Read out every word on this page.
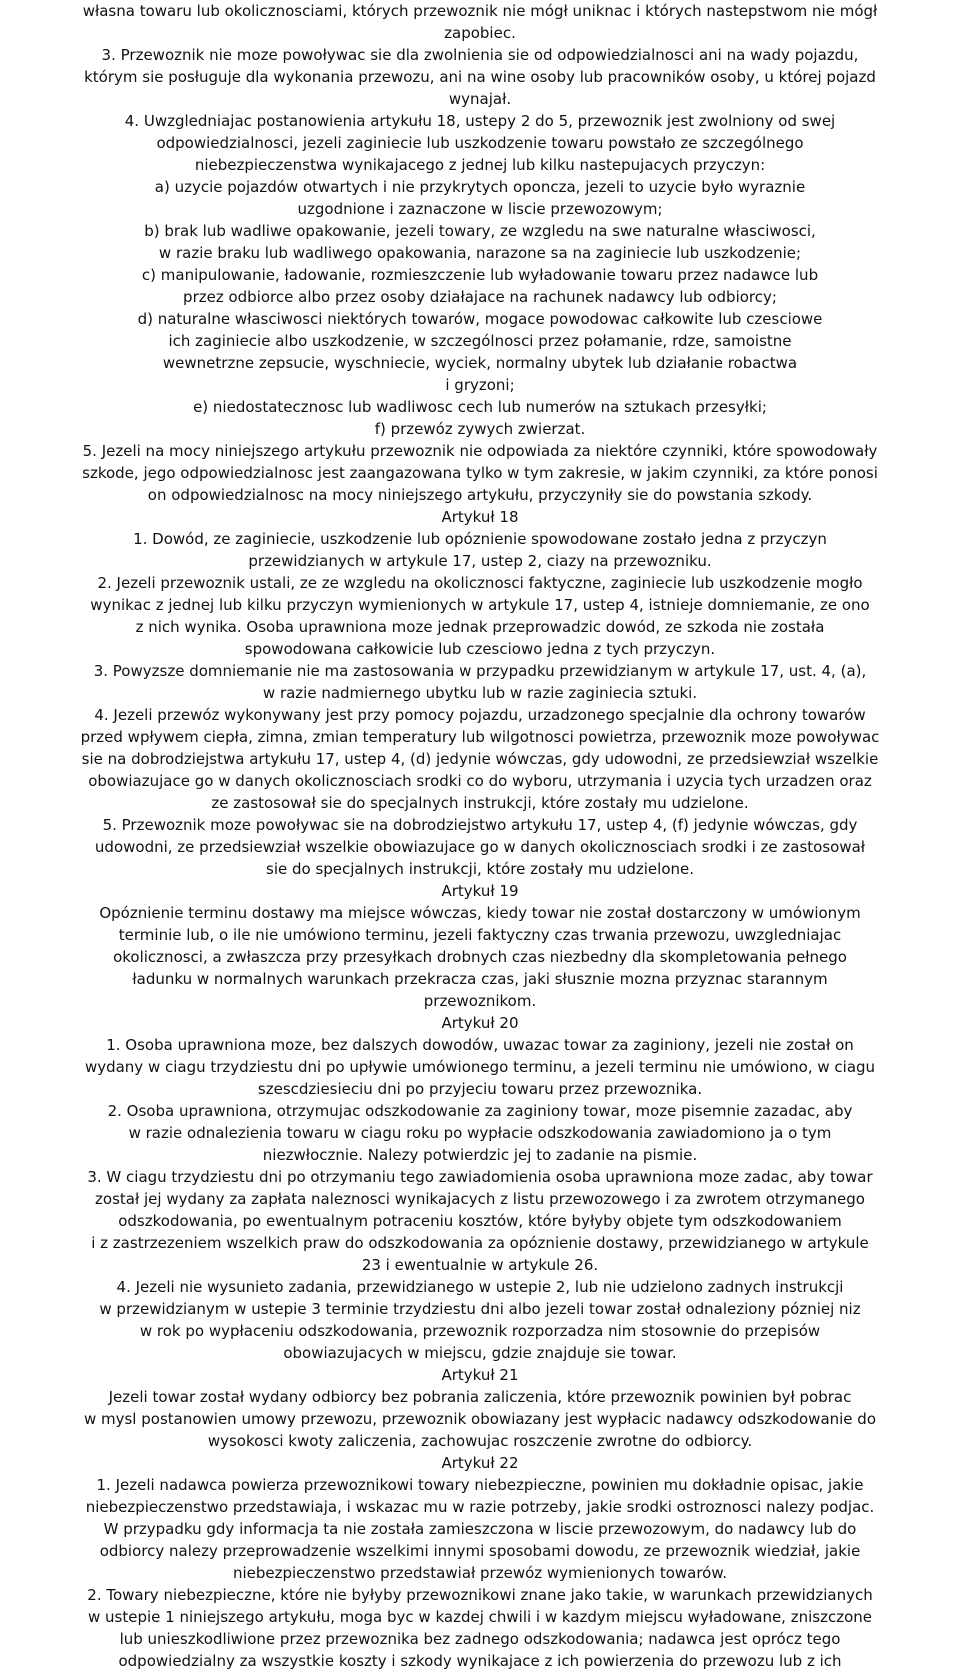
własna towaru lub okolicznosciami, których przewoznik nie mógł uniknac i których nastepstwom nie mógł
zapobiec.
3. Przewoznik nie moze powoływac sie dla zwolnienia sie od odpowiedzialnosci ani na wady pojazdu,
którym sie posługuje dla wykonania przewozu, ani na wine osoby lub pracowników osoby, u której pojazd
wynajał.
4. Uwzgledniajac postanowienia artykułu 18, ustepy 2 do 5, przewoznik jest zwolniony od swej
odpowiedzialnosci, jezeli zaginiecie lub uszkodzenie towaru powstało ze szczególnego
niebezpieczenstwa wynikajacego z jednej lub kilku nastepujacych przyczyn:
a) uzycie pojazdów otwartych i nie przykrytych oponcza, jezeli to uzycie było wyraznie
uzgodnione i zaznaczone w liscie przewozowym;
b) brak lub wadliwe opakowanie, jezeli towary, ze wzgledu na swe naturalne własciwosci,
w razie braku lub wadliwego opakowania, narazone sa na zaginiecie lub uszkodzenie;
c) manipulowanie, ładowanie, rozmieszczenie lub wyładowanie towaru przez nadawce lub
przez odbiorce albo przez osoby działajace na rachunek nadawcy lub odbiorcy;
d) naturalne własciwosci niektórych towarów, mogace powodowac całkowite lub czesciowe
ich zaginiecie albo uszkodzenie, w szczególnosci przez połamanie, rdze, samoistne
wewnetrzne zepsucie, wyschniecie, wyciek, normalny ubytek lub działanie robactwa
i gryzoni;
e) niedostatecznosc lub wadliwosc cech lub numerów na sztukach przesyłki;
f) przewóz zywych zwierzat.
5. Jezeli na mocy niniejszego artykułu przewoznik nie odpowiada za niektóre czynniki, które spowodowały
szkode, jego odpowiedzialnosc jest zaangazowana tylko w tym zakresie, w jakim czynniki, za które ponosi
on odpowiedzialnosc na mocy niniejszego artykułu, przyczyniły sie do powstania szkody.
Artykuł 18
1. Dowód, ze zaginiecie, uszkodzenie lub opóznienie spowodowane zostało jedna z przyczyn
przewidzianych w artykule 17, ustep 2, ciazy na przewozniku.
2. Jezeli przewoznik ustali, ze ze wzgledu na okolicznosci faktyczne, zaginiecie lub uszkodzenie mogło
wynikac z jednej lub kilku przyczyn wymienionych w artykule 17, ustep 4, istnieje domniemanie, ze ono
z nich wynika. Osoba uprawniona moze jednak przeprowadzic dowód, ze szkoda nie została
spowodowana całkowicie lub czesciowo jedna z tych przyczyn.
3. Powyzsze domniemanie nie ma zastosowania w przypadku przewidzianym w artykule 17, ust. 4, (a),
w razie nadmiernego ubytku lub w razie zaginiecia sztuki.
4. Jezeli przewóz wykonywany jest przy pomocy pojazdu, urzadzonego specjalnie dla ochrony towarów
przed wpływem ciepła, zimna, zmian temperatury lub wilgotnosci powietrza, przewoznik moze powoływac
sie na dobrodziejstwa artykułu 17, ustep 4, (d) jedynie wówczas, gdy udowodni, ze przedsiewział wszelkie
obowiazujace go w danych okolicznosciach srodki co do wyboru, utrzymania i uzycia tych urzadzen oraz
ze zastosował sie do specjalnych instrukcji, które zostały mu udzielone.
5. Przewoznik moze powoływac sie na dobrodziejstwo artykułu 17, ustep 4, (f) jedynie wówczas, gdy
udowodni, ze przedsiewział wszelkie obowiazujace go w danych okolicznosciach srodki i ze zastosował
sie do specjalnych instrukcji, które zostały mu udzielone.
Artykuł 19
Opóznienie terminu dostawy ma miejsce wówczas, kiedy towar nie został dostarczony w umówionym
terminie lub, o ile nie umówiono terminu, jezeli faktyczny czas trwania przewozu, uwzgledniajac
okolicznosci, a zwłaszcza przy przesyłkach drobnych czas niezbedny dla skompletowania pełnego
ładunku w normalnych warunkach przekracza czas, jaki słusznie mozna przyznac starannym
przewoznikom.
Artykuł 20
1. Osoba uprawniona moze, bez dalszych dowodów, uwazac towar za zaginiony, jezeli nie został on
wydany w ciagu trzydziestu dni po upływie umówionego terminu, a jezeli terminu nie umówiono, w ciagu
szescdziesieciu dni po przyjeciu towaru przez przewoznika.
2. Osoba uprawniona, otrzymujac odszkodowanie za zaginiony towar, moze pisemnie zazadac, aby
w razie odnalezienia towaru w ciagu roku po wypłacie odszkodowania zawiadomiono ja o tym
niezwłocznie. Nalezy potwierdzic jej to zadanie na pismie.
3. W ciagu trzydziestu dni po otrzymaniu tego zawiadomienia osoba uprawniona moze zadac, aby towar
został jej wydany za zapłata naleznosci wynikajacych z listu przewozowego i za zwrotem otrzymanego
odszkodowania, po ewentualnym potraceniu kosztów, które byłyby objete tym odszkodowaniem
i z zastrzezeniem wszelkich praw do odszkodowania za opóznienie dostawy, przewidzianego w artykule
23 i ewentualnie w artykule 26.
4. Jezeli nie wysunieto zadania, przewidzianego w ustepie 2, lub nie udzielono zadnych instrukcji
w przewidzianym w ustepie 3 terminie trzydziestu dni albo jezeli towar został odnaleziony pózniej niz
w rok po wypłaceniu odszkodowania, przewoznik rozporzadza nim stosownie do przepisów
obowiazujacych w miejscu, gdzie znajduje sie towar.
Artykuł 21
Jezeli towar został wydany odbiorcy bez pobrania zaliczenia, które przewoznik powinien był pobrac
w mysl postanowien umowy przewozu, przewoznik obowiazany jest wypłacic nadawcy odszkodowanie do
wysokosci kwoty zaliczenia, zachowujac roszczenie zwrotne do odbiorcy.
Artykuł 22
1. Jezeli nadawca powierza przewoznikowi towary niebezpieczne, powinien mu dokładnie opisac, jakie
niebezpieczenstwo przedstawiaja, i wskazac mu w razie potrzeby, jakie srodki ostroznosci nalezy podjac.
W przypadku gdy informacja ta nie została zamieszczona w liscie przewozowym, do nadawcy lub do
odbiorcy nalezy przeprowadzenie wszelkimi innymi sposobami dowodu, ze przewoznik wiedział, jakie
niebezpieczenstwo przedstawiał przewóz wymienionych towarów.
2. Towary niebezpieczne, które nie byłyby przewoznikowi znane jako takie, w warunkach przewidzianych
w ustepie 1 niniejszego artykułu, moga byc w kazdej chwili i w kazdym miejscu wyładowane, zniszczone
lub unieszkodliwione przez przewoznika bez zadnego odszkodowania; nadawca jest oprócz tego
odpowiedzialny za wszystkie koszty i szkody wynikajace z ich powierzenia do przewozu lub z ich
